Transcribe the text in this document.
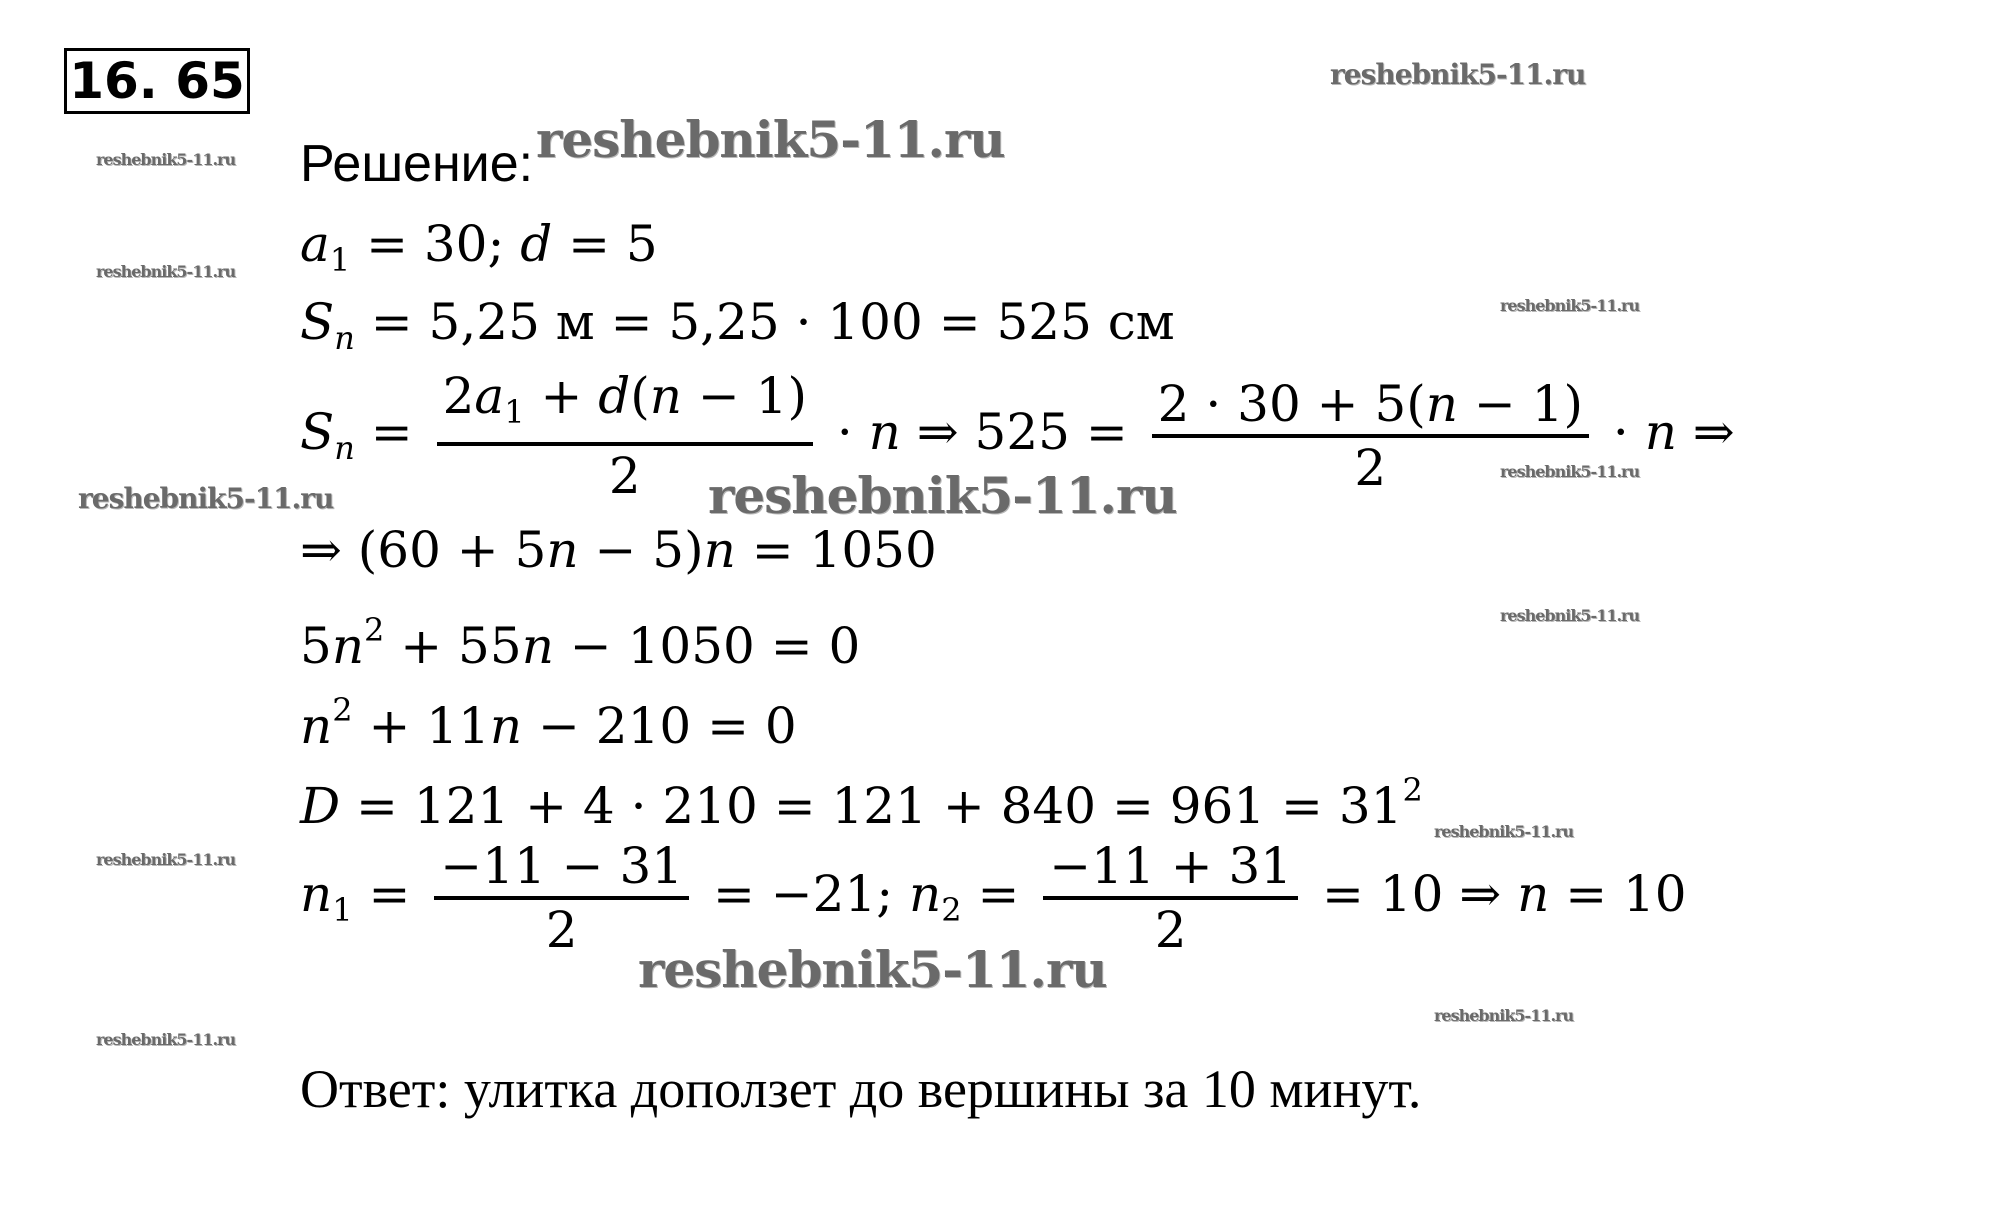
16. 65
Решение:
$a_1 = 30$; d = 5
$S_n = 5,25$ м = 5,25 · 100 = 525 см
$S_n = \frac{2a_1 + d(n - 1)}{2} \cdot n$ ⇒ $525 = \frac{2 \cdot 30 + 5(n - 1)}{2} \cdot n$ ⇒
⇒ (60 + 5n − 5)n = 1050
$5n^2 + 55n - 1050 = 0$
$n^2 + 11n - 210 = 0$
$D = 121 + 4 \cdot 210 = 121 + 840 = 961 = 31^2$
$n_1 = \frac{-11 - 31}{2} = -21$; $n_2 = \frac{-11 + 31}{2} = 10$ ⇒ n = 10
Ответ: улитка доползет до вершины за 10 минут.
reshebnik5-11.ru
reshebnik5-11.ru
reshebnik5-11.ru
reshebnik5-11.ru
reshebnik5-11.ru
reshebnik5-11.ru	reshebnik5-11.ru	reshebnik5-11.ru
reshebnik5-11.ru
reshebnik5-11.ru
reshebnik5-11.ru
reshebnik5-11.ru
reshebnik5-11.ru
reshebnik5-11.ru
